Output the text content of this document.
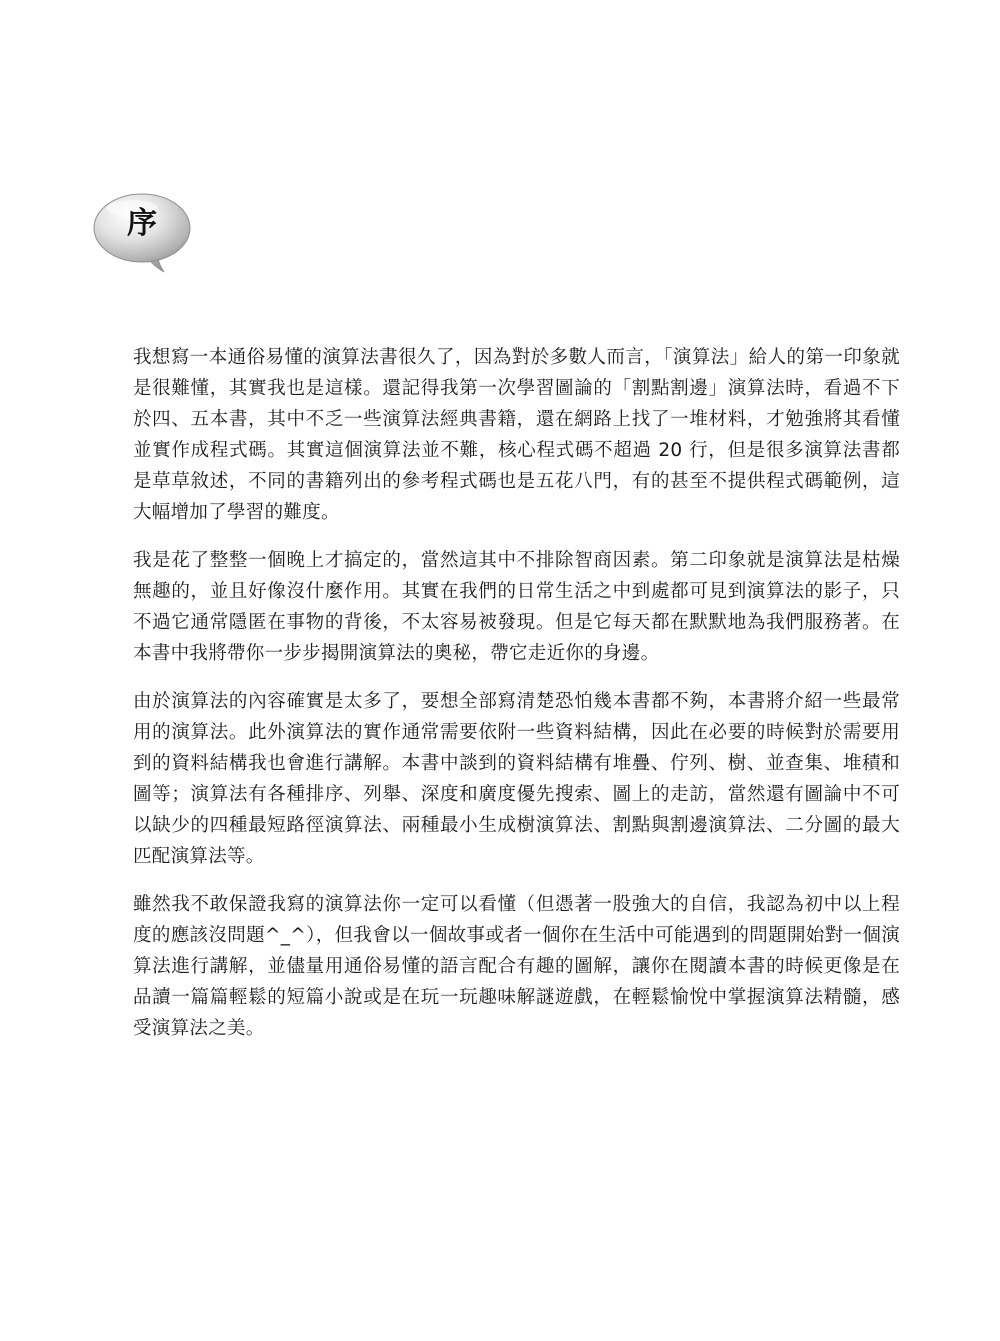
序

我想寫一本通俗易懂的演算法書很久了，因為對於多數人而言，「演算法」給人的第一印象就是很難懂，其實我也是這樣。還記得我第一次學習圖論的「割點割邊」演算法時，看過不下於四、五本書，其中不乏一些演算法經典書籍，還在網路上找了一堆材料，才勉強將其看懂並實作成程式碼。其實這個演算法並不難，核心程式碼不超過 20 行，但是很多演算法書都是草草敘述，不同的書籍列出的參考程式碼也是五花八門，有的甚至不提供程式碼範例，這大幅增加了學習的難度。

我是花了整整一個晚上才搞定的，當然這其中不排除智商因素。第二印象就是演算法是枯燥無趣的，並且好像沒什麼作用。其實在我們的日常生活之中到處都可見到演算法的影子，只不過它通常隱匿在事物的背後，不太容易被發現。但是它每天都在默默地為我們服務著。在本書中我將帶你一步步揭開演算法的奧秘，帶它走近你的身邊。

由於演算法的內容確實是太多了，要想全部寫清楚恐怕幾本書都不夠，本書將介紹一些最常用的演算法。此外演算法的實作通常需要依附一些資料結構，因此在必要的時候對於需要用到的資料結構我也會進行講解。本書中談到的資料結構有堆疊、佇列、樹、並查集、堆積和圖等；演算法有各種排序、列舉、深度和廣度優先搜索、圖上的走訪，當然還有圖論中不可以缺少的四種最短路徑演算法、兩種最小生成樹演算法、割點與割邊演算法、二分圖的最大匹配演算法等。

雖然我不敢保證我寫的演算法你一定可以看懂（但憑著一股強大的自信，我認為初中以上程度的應該沒問題^_^），但我會以一個故事或者一個你在生活中可能遇到的問題開始對一個演算法進行講解，並儘量用通俗易懂的語言配合有趣的圖解，讓你在閱讀本書的時候更像是在品讀一篇篇輕鬆的短篇小說或是在玩一玩趣味解謎遊戲，在輕鬆愉悅中掌握演算法精髓，感受演算法之美。
